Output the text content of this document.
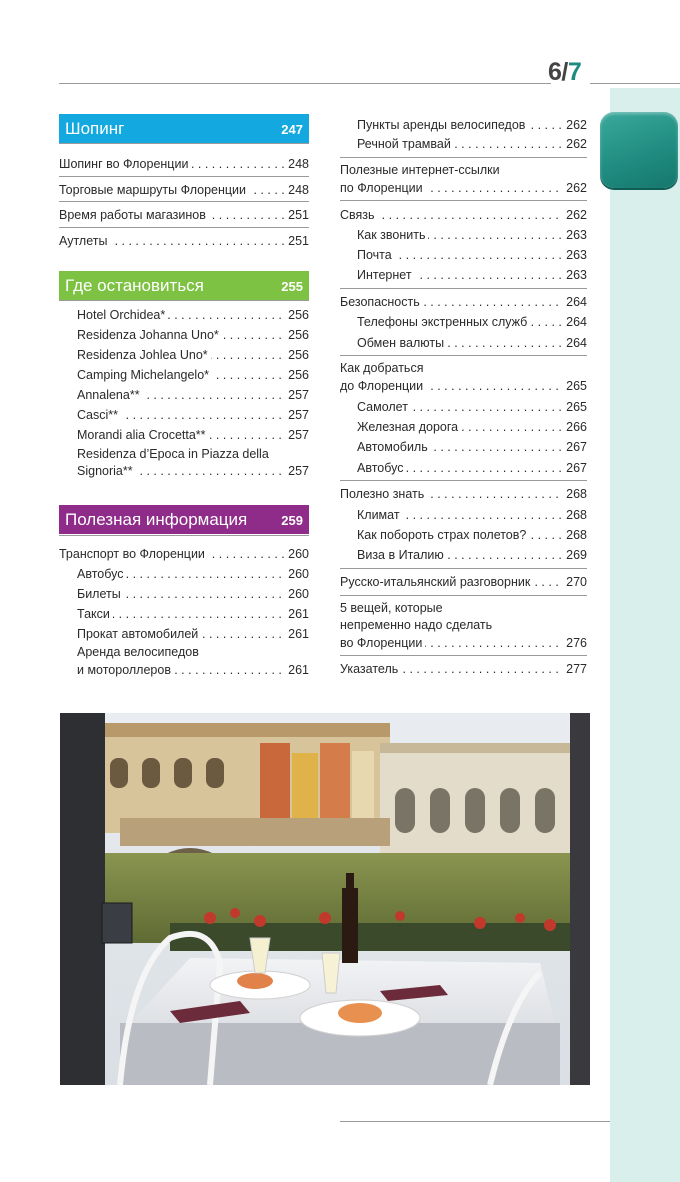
6/7
Шопинг	247
Шопинг во Флоренции	248
. . .
Торговые маршруты Флоренции	248
. . .
Время работы магазинов	251
. . .
Аутлеты	251
. . .
Где остановиться	255
Hotel Orchidea*	256
. . .
Residenza Johanna Uno*	256
. . .
Residenza Johlea Uno*	256
. . .
Camping Michelangelo*	256
. . .
Annalena**	257
. . .
Casci**	257
. . .
Morandi alia Crocetta**	257
. . .
Residenza d’Epoca in Piazza della
Signoria**	257
. . .
Полезная информация	259
Транспорт во Флоренции	260
. . .
Автобус	260
. . .
Билеты	260
. . .
Такси	261
. . .
Прокат автомобилей	261
. . .
Аренда велосипедов
и мотороллеров	261
. . .
Пункты аренды велосипедов	262
. . .
Речной трамвай	262
. . .
Полезные интернет-ссылки
по Флоренции	262
. . .
Связь	262
. . .
Как звонить	263
. . .
Почта	263
. . .
Интернет	263
. . .
Безопасность	264
. . .
Телефоны экстренных служб	264
. . .
Обмен валюты	264
. . .
Как добраться
до Флоренции	265
. . .
Самолет	265
. . .
Железная дорога	266
. . .
Автомобиль	267
. . .
Автобус	267
. . .
Полезно знать	268
. . .
Климат	268
. . .
Как побороть страх полетов?	268
. . .
Виза в Италию	269
. . .
Русско-итальянский разговорник	270
. . .
5 вещей, которые
непременно надо сделать
во Флоренции	276
. . .
Указатель	277
. . .
